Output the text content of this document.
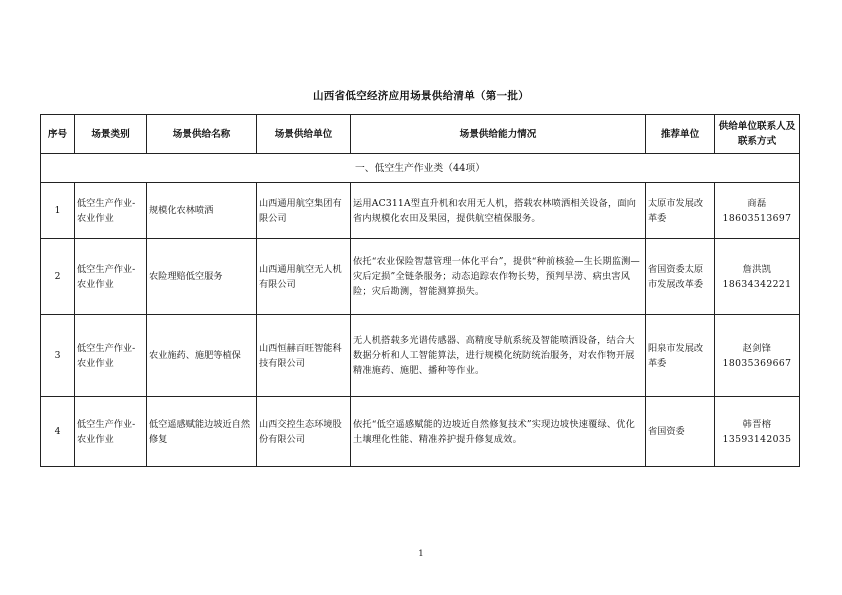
山西省低空经济应用场景供给清单（第一批）
序号	场景类别	场景供给名称	场景供给单位	场景供给能力情况	推荐单位	供给单位联系人及联系方式
一、低空生产作业类（44项）						
1	低空生产作业-农业作业	规模化农林喷洒	山西通用航空集团有限公司	运用AC311A型直升机和农用无人机，搭载农林喷洒相关设备，面向省内规模化农田及果园，提供航空植保服务。	太原市发展改革委	商磊
18603513697

2	低空生产作业-农业作业	农险理赔低空服务	山西通用航空无人机有限公司	依托“农业保险智慧管理一体化平台”，提供“种前核验—生长期监测—灾后定损”全链条服务；动态追踪农作物长势，预判旱涝、病虫害风险；灾后勘测，智能测算损失。	省国资委太原市发展改革委	詹洪凯
18634342221

3	低空生产作业-农业作业	农业施药、施肥等植保	山西恒赫百旺智能科技有限公司	无人机搭载多光谱传感器、高精度导航系统及智能喷洒设备，结合大数据分析和人工智能算法，进行规模化统防统治服务，对农作物开展精准施药、施肥、播种等作业。	阳泉市发展改革委	赵剑锋
18035369667

4	低空生产作业-农业作业	低空遥感赋能边坡近自然修复	山西交控生态环境股份有限公司	依托“低空遥感赋能的边坡近自然修复技术”实现边坡快速覆绿、优化土壤理化性能、精准养护提升修复成效。	省国资委	韩晋榕
13593142035
1
